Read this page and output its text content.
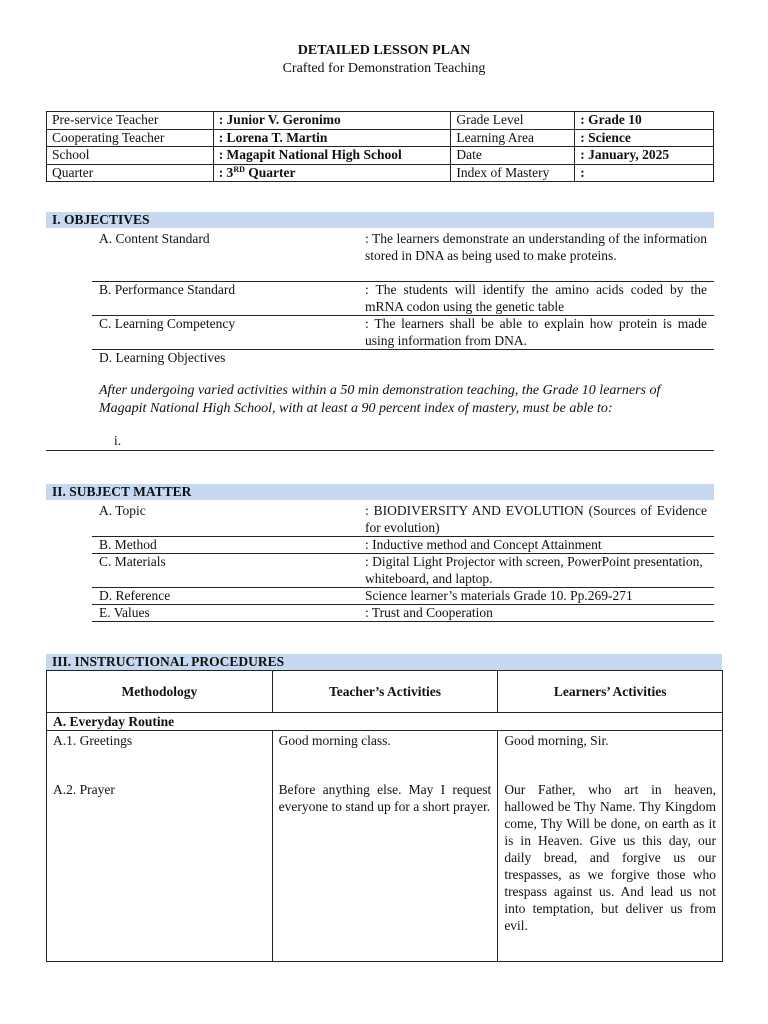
DETAILED LESSON PLAN
Crafted for Demonstration Teaching
Pre-service Teacher	: Junior V. Geronimo	Grade Level	: Grade 10
Cooperating Teacher	: Lorena T. Martin	Learning Area	: Science
School	: Magapit National High School	Date	: January, 2025
Quarter	: 3RD Quarter	Index of Mastery	:
I. OBJECTIVES
A. Content Standard	: The learners demonstrate an understanding of the information stored in DNA as being used to make proteins.
B. Performance Standard	: The students will identify the amino acids coded by the mRNA codon using the genetic table
C. Learning Competency	: The learners shall be able to explain how protein is made using information from DNA.
D. Learning Objectives
After undergoing varied activities within a 50 min demonstration teaching, the Grade 10 learners of Magapit National High School, with at least a 90 percent index of mastery, must be able to:
i.
II. SUBJECT MATTER
A. Topic	: BIODIVERSITY AND EVOLUTION (Sources of Evidence for evolution)
B. Method	: Inductive method and Concept Attainment
C. Materials	: Digital Light Projector with screen, PowerPoint presentation, whiteboard, and laptop.
D. Reference	Science learner’s materials Grade 10. Pp.269-271
E. Values	: Trust and Cooperation
III. INSTRUCTIONAL PROCEDURES
Methodology	Teacher’s Activities	Learners’ Activities
A. Everyday Routine		
A.1. Greetings	Good morning class.	Good morning, Sir.
A.2. Prayer	Before anything else. May I request everyone to stand up for a short prayer.	Our Father, who art in heaven, hallowed be Thy Name. Thy Kingdom come, Thy Will be done, on earth as it is in Heaven. Give us this day, our daily bread, and forgive us our trespasses, as we forgive those who trespass against us. And lead us not into temptation, but deliver us from evil.
